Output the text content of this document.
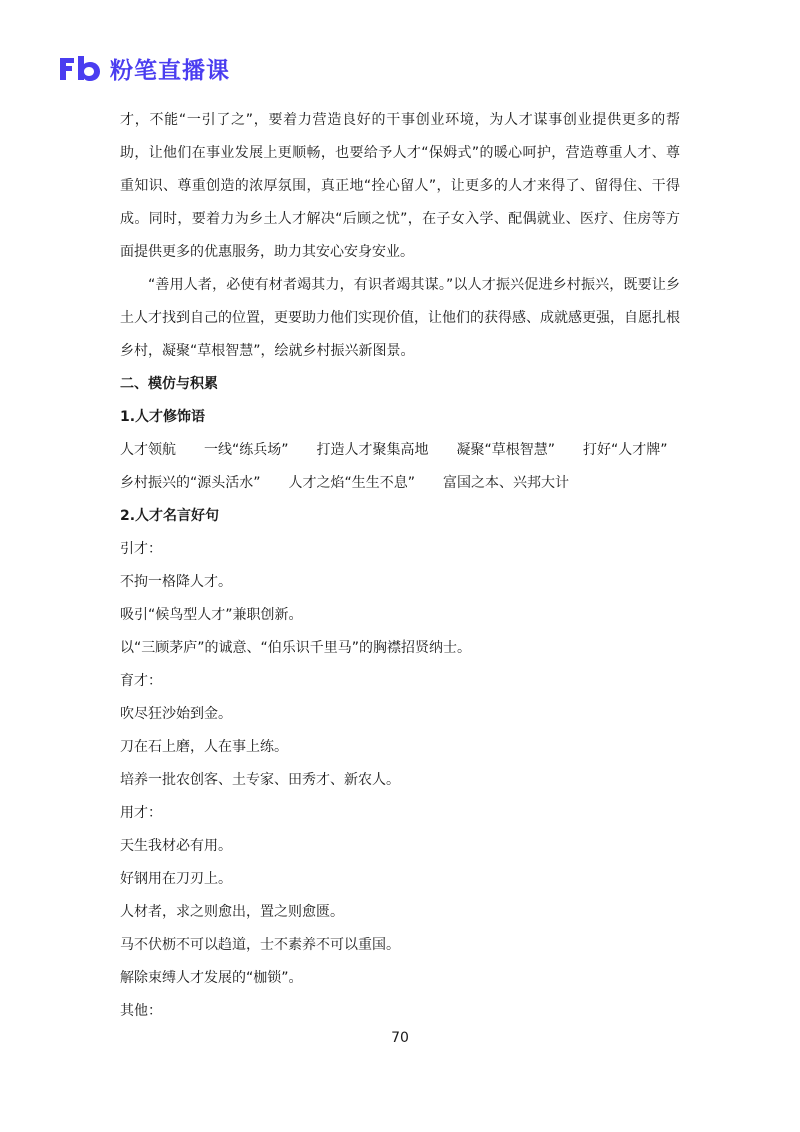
粉笔直播课

才，不能“一引了之”，要着力营造良好的干事创业环境，为人才谋事创业提供更多的帮助，让他们在事业发展上更顺畅，也要给予人才“保姆式”的暖心呵护，营造尊重人才、尊重知识、尊重创造的浓厚氛围，真正地“拴心留人”，让更多的人才来得了、留得住、干得成。同时，要着力为乡土人才解决“后顾之忧”，在子女入学、配偶就业、医疗、住房等方面提供更多的优惠服务，助力其安心安身安业。

“善用人者，必使有材者竭其力，有识者竭其谋。”以人才振兴促进乡村振兴，既要让乡土人才找到自己的位置，更要助力他们实现价值，让他们的获得感、成就感更强，自愿扎根乡村，凝聚“草根智慧”，绘就乡村振兴新图景。

二、模仿与积累

1.人才修饰语

人才领航 一线“练兵场” 打造人才聚集高地 凝聚“草根智慧” 打好“人才牌”
乡村振兴的“源头活水” 人才之焰“生生不息” 富国之本、兴邦大计

2.人才名言好句

引才：

不拘一格降人才。

吸引“候鸟型人才”兼职创新。

以“三顾茅庐”的诚意、“伯乐识千里马”的胸襟招贤纳士。

育才：

吹尽狂沙始到金。

刀在石上磨，人在事上练。

培养一批农创客、土专家、田秀才、新农人。

用才：

天生我材必有用。

好钢用在刀刃上。

人材者，求之则愈出，置之则愈匮。

马不伏枥不可以趋道，士不素养不可以重国。

解除束缚人才发展的“枷锁”。

其他：

70
